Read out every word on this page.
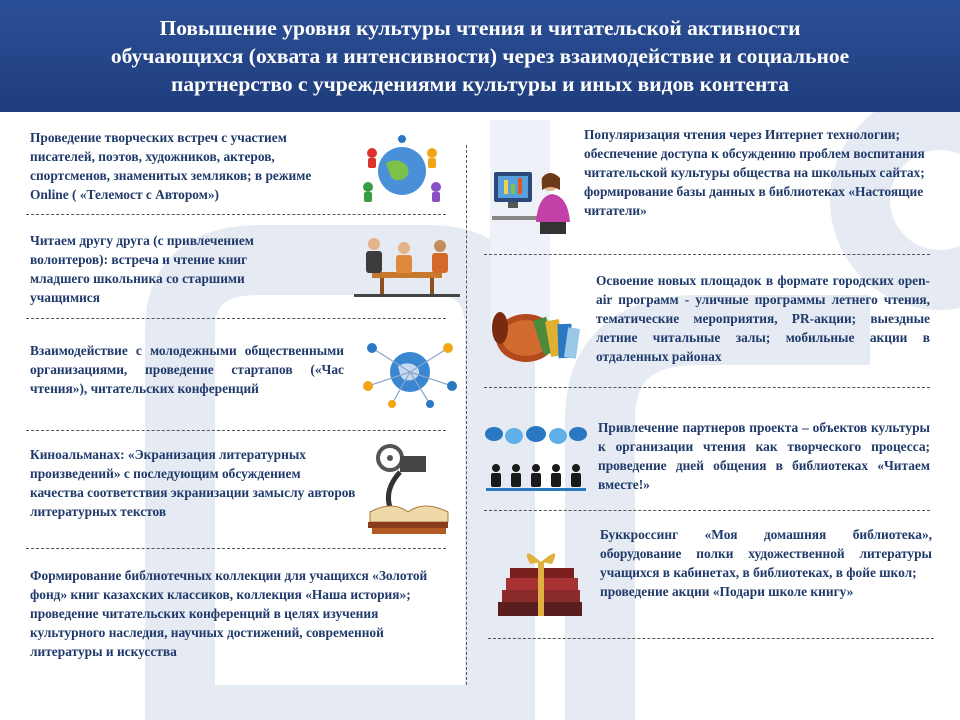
Повышение уровня культуры чтения и читательской активности
обучающихся (охвата и интенсивности) через взаимодействие и социальное
партнерство с учреждениями культуры и иных видов контента
Проведение творческих встреч с участием писателей, поэтов, художников, актеров, спортсменов, знаменитых земляков; в режиме Online ( «Телемост с Автором»)
Читаем другу друга (с привлечением волонтеров): встреча и чтение книг младшего школьника со старшими учащимися
Взаимодействие с молодежными общественными организациями, проведение стартапов («Час чтения»), читательских конференций
Киноальманах: «Экранизация литературных произведений» с последующим обсуждением качества соответствия экранизации замыслу авторов литературных текстов
Формирование библиотечных коллекции для учащихся «Золотой фонд» книг казахских классиков, коллекция «Наша история»; проведение читательских конференций в целях изучения культурного наследия, научных достижений, современной литературы и искусства
Популяризация чтения через Интернет технологии; обеспечение доступа к обсуждению проблем воспитания читательской культуры общества на школьных сайтах; формирование базы данных в библиотеках «Настоящие читатели»
Освоение новых площадок в формате городских open-air программ - уличные программы летнего чтения, тематические мероприятия, PR-акции; выездные летние читальные залы; мобильные акции в отдаленных районах
Привлечение партнеров проекта – объектов культуры к организации чтения как творческого процесса; проведение дней общения в библиотеках «Читаем вместе!»
Буккроссинг «Моя домашняя библиотека», оборудование полки художественной литературы учащихся в кабинетах, в библиотеках, в фойе школ;
проведение акции «Подари школе книгу»
